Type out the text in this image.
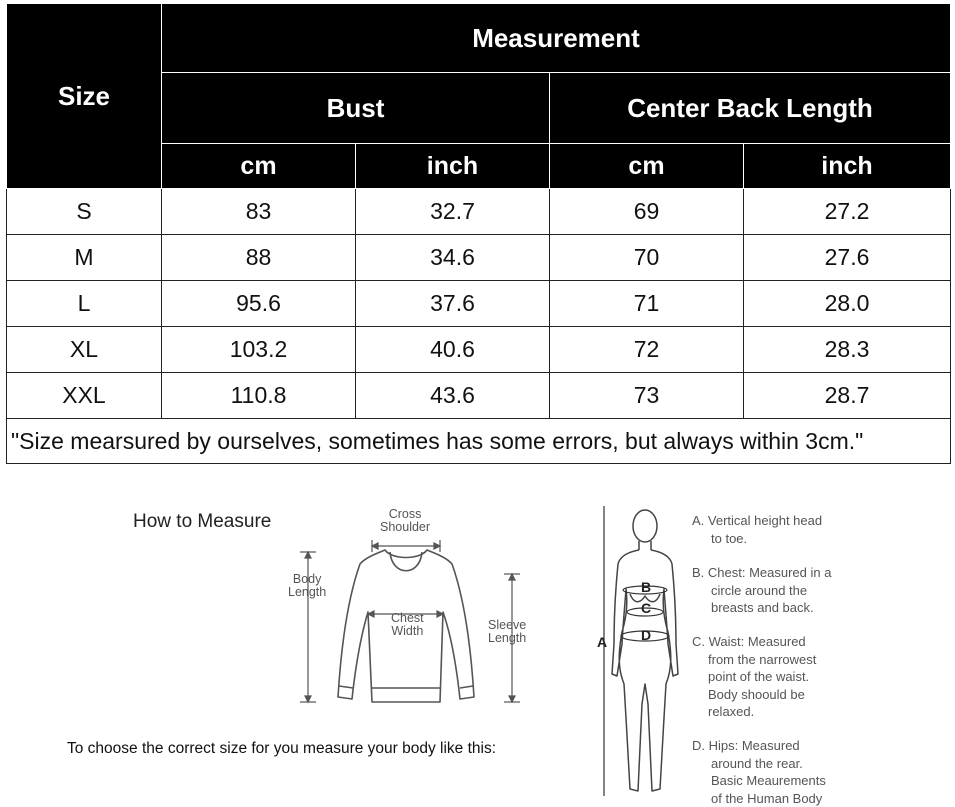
Size	Measurement			
	Bust		Center Back Length	
	cm	inch	cm	inch
S	83	32.7	69	27.2
M	88	34.6	70	27.6
L	95.6	37.6	71	28.0
XL	103.2	40.6	72	28.3
XXL	110.8	43.6	73	28.7
"Size mearsured by ourselves, sometimes has some errors, but always within 3cm."				
How to Measure
To choose the correct size for you measure your body like this:
Cross
Shoulder
Body
Length
Chest
Width	Sleeve
Length
B
C
D
A
A. Vertical height head
to toe.
B. Chest: Measured in a
circle around the
breasts and back.
C. Waist: Measured
from the narrowest
point of the waist.
Body shoould be
relaxed.
D. Hips: Measured
around the rear.
Basic Meaurements
of the Human Body
